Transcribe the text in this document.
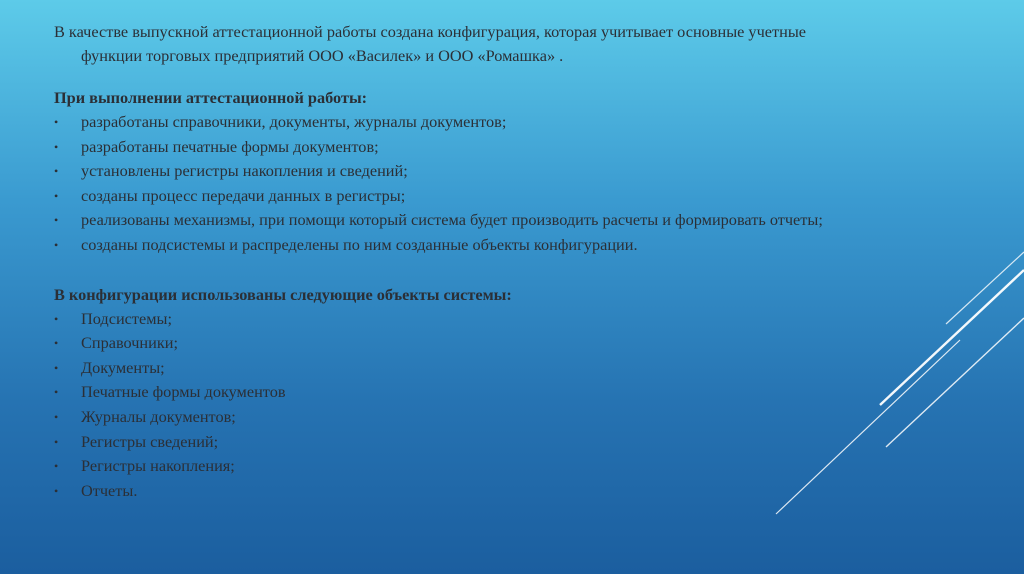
В качестве выпускной аттестационной работы создана конфигурация, которая учитывает основные учетные
функции торговых предприятий ООО «Василек» и ООО «Ромашка» .

При выполнении аттестационной работы:

• разработаны справочники, документы, журналы документов;
• разработаны печатные формы документов;
• установлены регистры накопления и сведений;
• созданы процесс передачи данных в регистры;
• реализованы механизмы, при помощи который система будет производить расчеты и формировать отчеты;
• созданы подсистемы и распределены по ним созданные объекты конфигурации.

В конфигурации использованы следующие объекты системы:

• Подсистемы;
• Справочники;
• Документы;
• Печатные формы документов
• Журналы документов;
• Регистры сведений;
• Регистры накопления;
• Отчеты.
